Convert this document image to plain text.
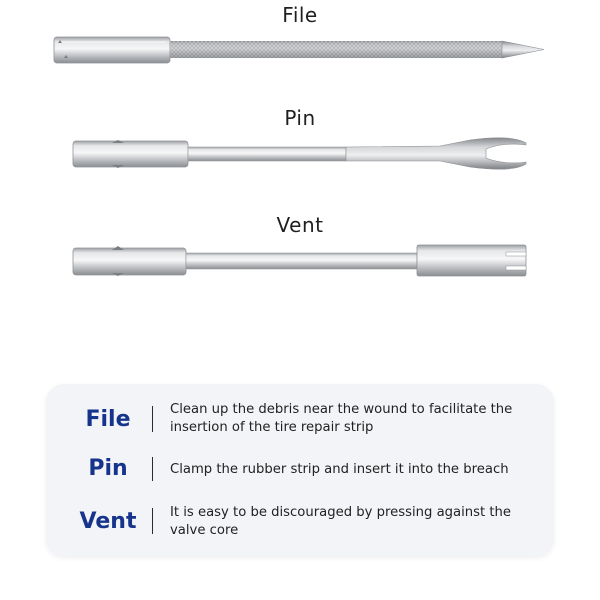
File
Pin
Vent
File	Clean up the debris near the wound to facilitate the insertion of the tire repair strip
Pin	Clamp the rubber strip and insert it into the breach
Vent	It is easy to be discouraged by pressing against the valve core
